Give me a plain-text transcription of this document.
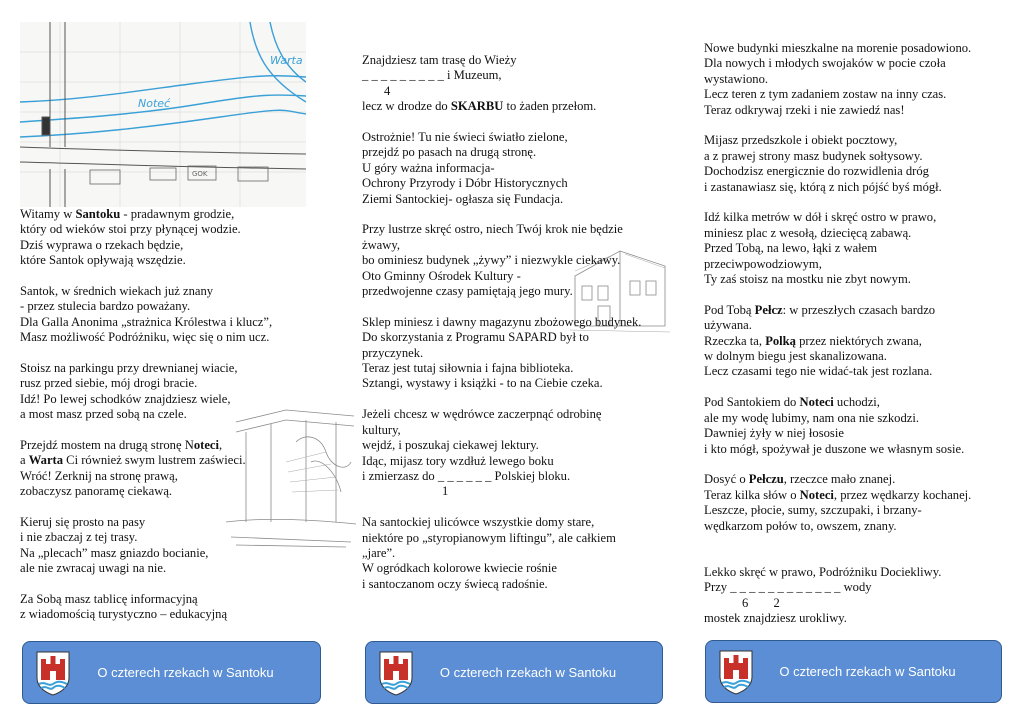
Warta
Noteć
GOK

Witamy w Santoku - pradawnym grodzie,
który od wieków stoi przy płynącej wodzie.
Dziś wyprawa o rzekach będzie,
które Santok opływają wszędzie.

Santok, w średnich wiekach już znany
- przez stulecia bardzo poważany.
Dla Galla Anonima „strażnica Królestwa i klucz”,
Masz możliwość Podróżniku, więc się o nim ucz.

Stoisz na parkingu przy drewnianej wiacie,
rusz przed siebie, mój drogi bracie.
Idź! Po lewej schodków znajdziesz wiele,
a most masz przed sobą na czele.

Przejdź mostem na drugą stronę Noteci,
a Warta Ci również swym lustrem zaświeci.
Wróć! Zerknij na stronę prawą,
zobaczysz panoramę ciekawą.

Kieruj się prosto na pasy
i nie zbaczaj z tej trasy.
Na „plecach” masz gniazdo bocianie,
ale nie zwracaj uwagi na nie.

Za Sobą masz tablicę informacyjną
z wiadomością turystyczno – edukacyjną

Znajdziesz tam trasę do Wieży
_ _ _ _ _ _ _ _ _ i Muzeum,
4
lecz w drodze do SKARBU to żaden przełom.

Ostrożnie! Tu nie świeci światło zielone,
przejdź po pasach na drugą stronę.
U góry ważna informacja-
Ochrony Przyrody i Dóbr Historycznych
Ziemi Santockiej- ogłasza się Fundacja.

Przy lustrze skręć ostro, niech Twój krok nie będzie
żwawy,
bo ominiesz budynek „żywy” i niezwykle ciekawy.
Oto Gminny Ośrodek Kultury -
przedwojenne czasy pamiętają jego mury.

Sklep miniesz i dawny magazynu zbożowego budynek.
Do skorzystania z Programu SAPARD był to
przyczynek.
Teraz jest tutaj siłownia i fajna biblioteka.
Sztangi, wystawy i książki - to na Ciebie czeka.

Jeżeli chcesz w wędrówce zaczerpnąć odrobinę
kultury,
wejdź, i poszukaj ciekawej lektury.
Idąc, mijasz tory wzdłuż lewego boku
i zmierzasz do _ _ _ _ _ _ Polskiej bloku.
1

Na santockiej ulicówce wszystkie domy stare,
niektóre po „styropianowym liftingu”, ale całkiem
„jare”.
W ogródkach kolorowe kwiecie rośnie
i santoczanom oczy świecą radośnie.

Nowe budynki mieszkalne na morenie posadowiono.
Dla nowych i młodych swojaków w pocie czoła
wystawiono.
Lecz teren z tym zadaniem zostaw na inny czas.
Teraz odkrywaj rzeki i nie zawiedź nas!

Mijasz przedszkole i obiekt pocztowy,
a z prawej strony masz budynek sołtysowy.
Dochodzisz energicznie do rozwidlenia dróg
i zastanawiasz się, którą z nich pójść byś mógł.

Idź kilka metrów w dół i skręć ostro w prawo,
miniesz plac z wesołą, dziecięcą zabawą.
Przed Tobą, na lewo, łąki z wałem
przeciwpowodziowym,
Ty zaś stoisz na mostku nie zbyt nowym.

Pod Tobą Pełcz: w przeszłych czasach bardzo
używana.
Rzeczka ta, Polką przez niektórych zwana,
w dolnym biegu jest skanalizowana.
Lecz czasami tego nie widać-tak jest rozlana.

Pod Santokiem do Noteci uchodzi,
ale my wodę lubimy, nam ona nie szkodzi.
Dawniej żyły w niej łososie
i kto mógł, spożywał je duszone we własnym sosie.

Dosyć o Pełczu, rzeczce mało znanej.
Teraz kilka słów o Noteci, przez wędkarzy kochanej.
Leszcze, płocie, sumy, szczupaki, i brzany-
wędkarzom połów to, owszem, znany.

Lekko skręć w prawo, Podróżniku Dociekliwy.
Przy _ _ _ _ _ _ _ _ _ _ _ _ wody
6        2
mostek znajdziesz urokliwy.

O czterech rzekach w Santoku	O czterech rzekach w Santoku	O czterech rzekach w Santoku
